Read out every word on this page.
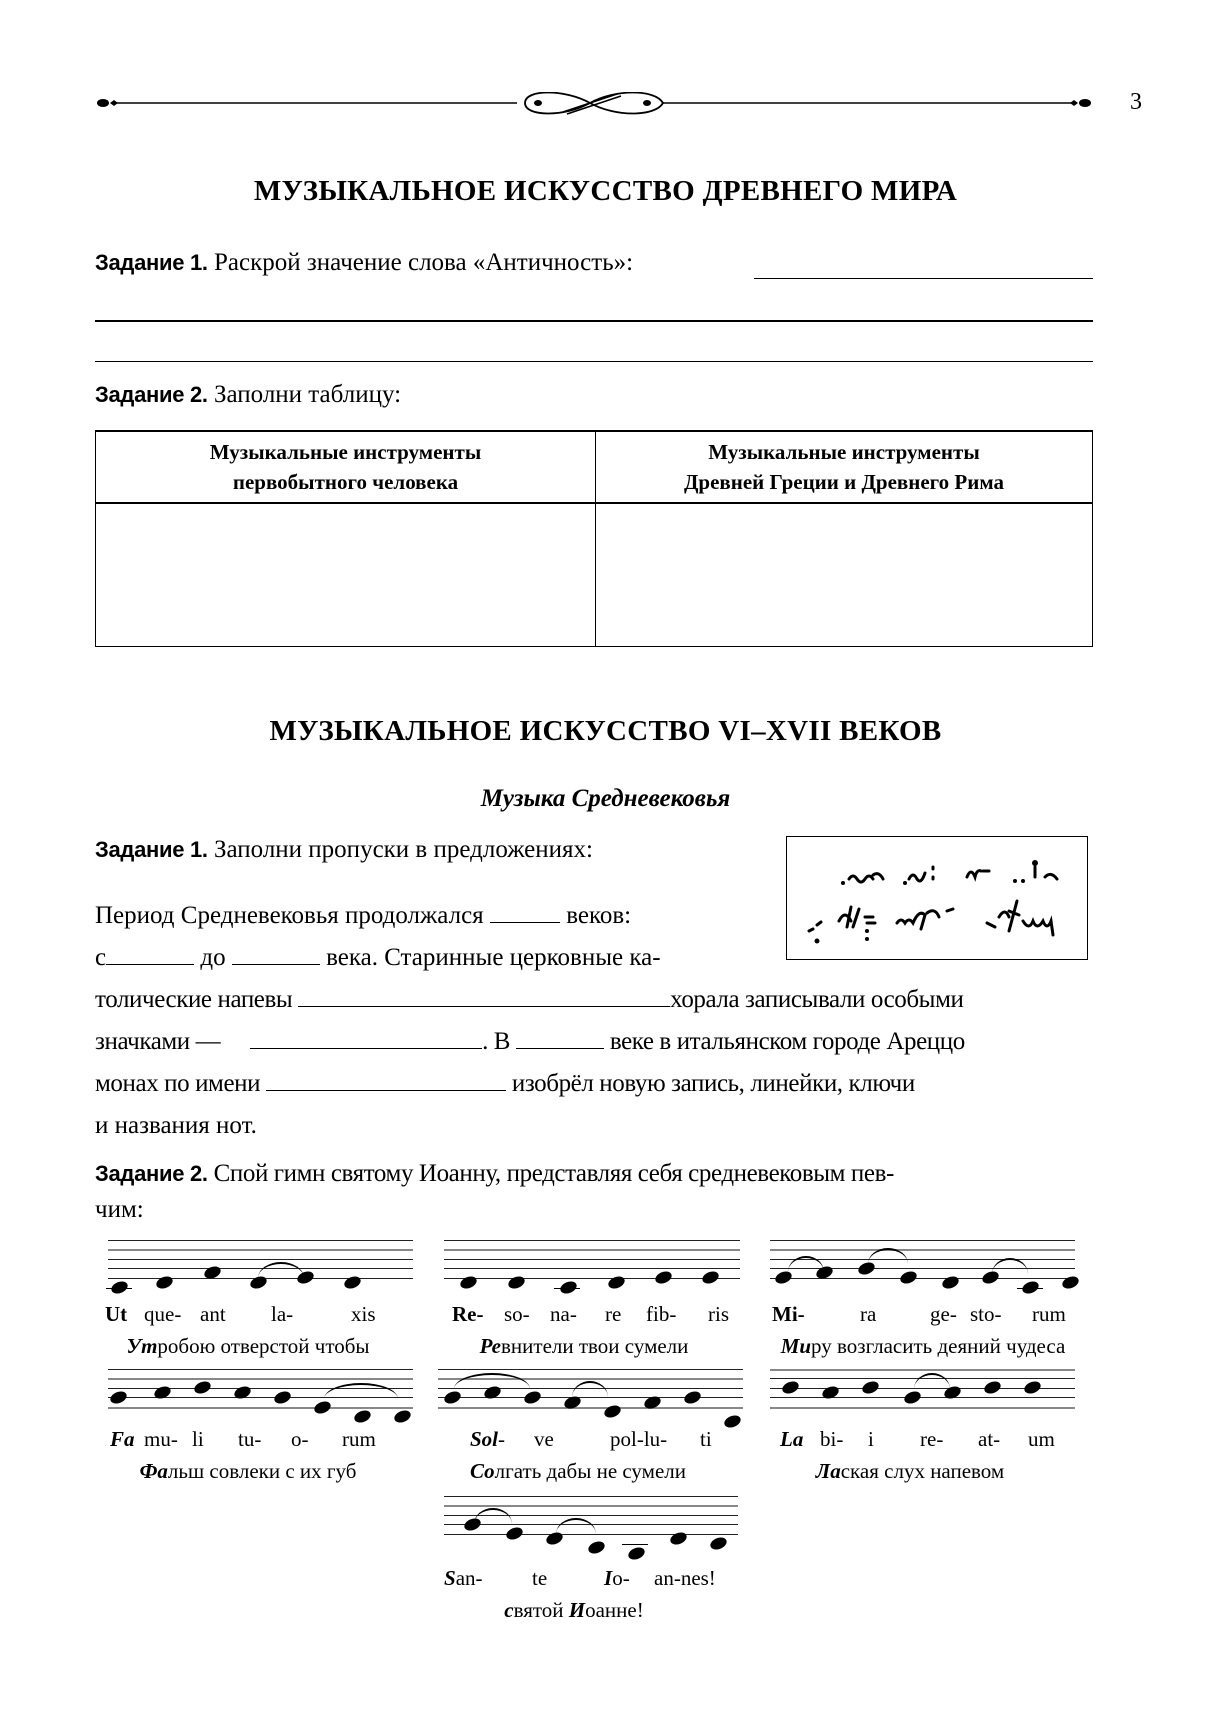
3
МУЗЫКАЛЬНОЕ ИСКУССТВО ДРЕВНЕГО МИРА
Задание 1. Раскрой значение слова «Античность»:
Задание 2. Заполни таблицу:
Музыкальные инструменты
первобытного человека	Музыкальные инструменты
Древней Греции и Древнего Рима

МУЗЫКАЛЬНОЕ ИСКУССТВО VI–XVII ВЕКОВ
Музыка Средневековья
Задание 1. Заполни пропуски в предложениях:
Период Средневековья продолжался	веков:
с	до	века. Старинные церковные ка-
толические напевы	хорала записывали особыми
значками —	. В	веке в итальянском городе Ареццо
монах по имени	изобрёл новую запись, линейки, ключи
и названия нот.
Задание 2. Спой гимн святому Иоанну, представляя себя средневековым пев-
чим:
Ut que- ant la-	xis
Утробою отверстой чтобы
Re- so- na- re fib- ris
Ревнители твои сумели
Mi-	ra	ge- sto- rum
Миру возгласить деяний чудеса
Fa mu- li tu- o- rum
Фальш совлеки с их губ
Sol- ve	pol-lu- ti
Солгать дабы не сумели
La bi- i re- at- um
Лаская слух напевом
San- te	Io- an-nes!
святой Иоанне!
